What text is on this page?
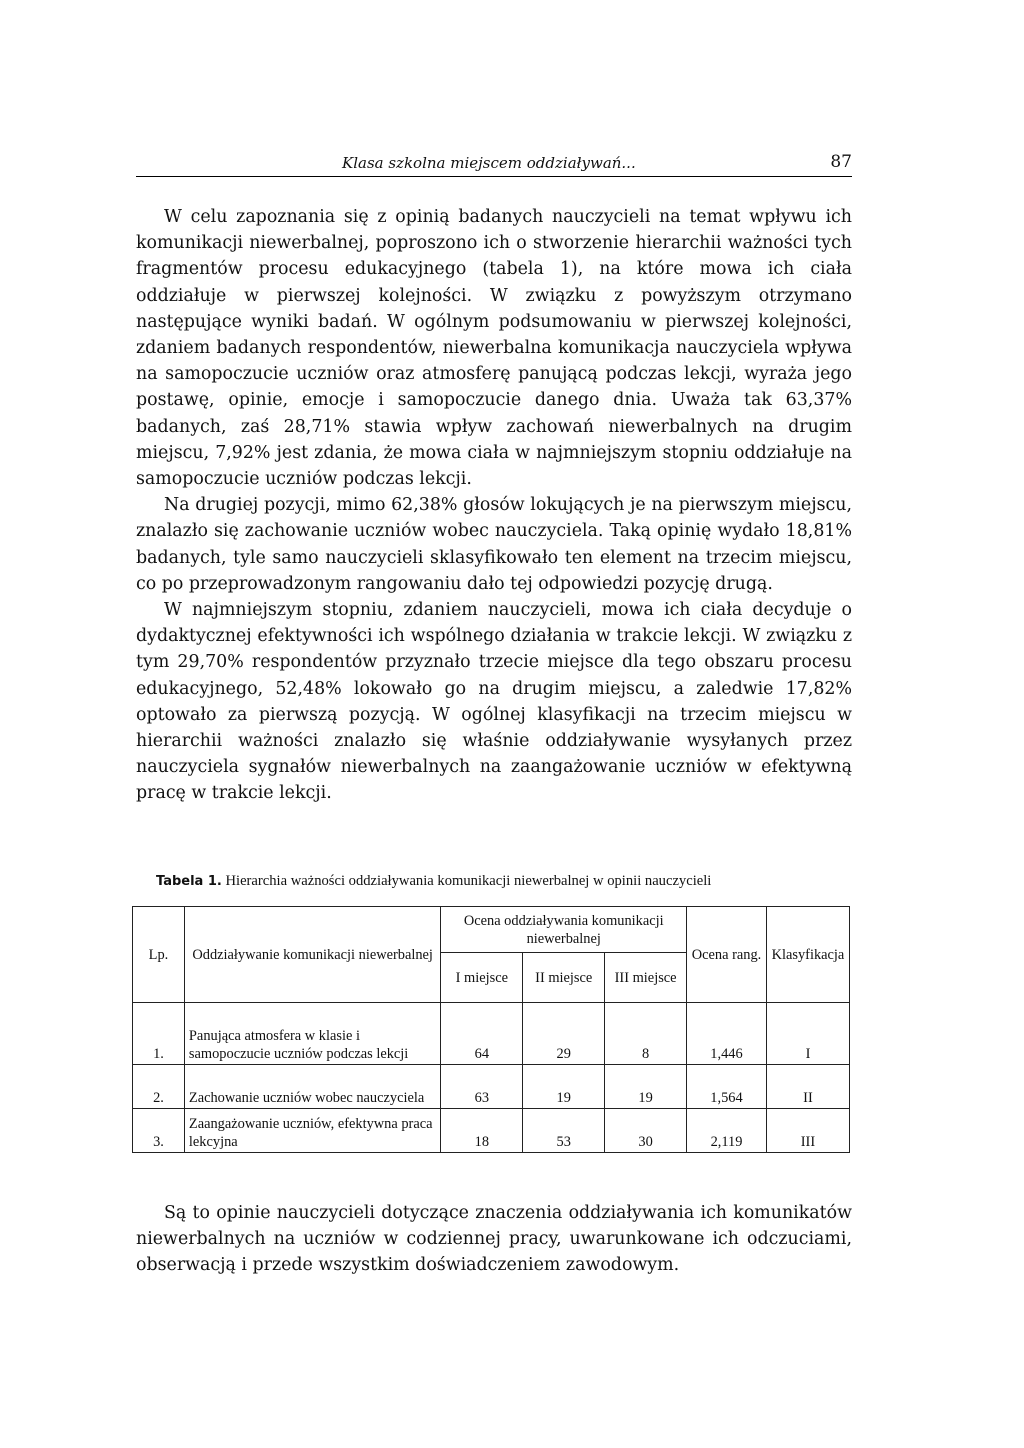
Klasa szkolna miejscem oddziaływań...	87

W celu zapoznania się z opinią badanych nauczycieli na temat wpływu ich komunikacji niewerbalnej, poproszono ich o stworzenie hierarchii ważności tych fragmentów procesu edukacyjnego (tabela 1), na które mowa ich ciała oddziałuje w pierwszej kolejności. W związku z powyższym otrzymano następujące wyniki badań. W ogólnym podsumowaniu w pierwszej kolejności, zdaniem badanych respondentów, niewerbalna komunikacja nauczyciela wpływa na samopoczucie uczniów oraz atmosferę panującą podczas lekcji, wyraża jego postawę, opinie, emocje i samopoczucie danego dnia. Uważa tak 63,37% badanych, zaś 28,71% stawia wpływ zachowań niewerbalnych na drugim miejscu, 7,92% jest zdania, że mowa ciała w najmniejszym stopniu oddziałuje na samopoczucie uczniów podczas lekcji.

Na drugiej pozycji, mimo 62,38% głosów lokujących je na pierwszym miejscu, znalazło się zachowanie uczniów wobec nauczyciela. Taką opinię wydało 18,81% badanych, tyle samo nauczycieli sklasyfikowało ten element na trzecim miejscu, co po przeprowadzonym rangowaniu dało tej odpowiedzi pozycję drugą.

W najmniejszym stopniu, zdaniem nauczycieli, mowa ich ciała decyduje o dydaktycznej efektywności ich wspólnego działania w trakcie lekcji. W związku z tym 29,70% respondentów przyznało trzecie miejsce dla tego obszaru procesu edukacyjnego, 52,48% lokowało go na drugim miejscu, a zaledwie 17,82% optowało za pierwszą pozycją. W ogólnej klasyfikacji na trzecim miejscu w hierarchii ważności znalazło się właśnie oddziaływanie wysyłanych przez nauczyciela sygnałów niewerbalnych na zaangażowanie uczniów w efektywną pracę w trakcie lekcji.

Tabela 1. Hierarchia ważności oddziaływania komunikacji niewerbalnej w opinii nauczycieli
Lp.	Oddziaływanie komunikacji niewerbalnej	Ocena oddziaływania komunikacji niewerbalnej			Ocena rang.	Klasyfikacja
		I miejsce	II miejsce	III miejsce		
1.	Panująca atmosfera w klasie i samopoczucie uczniów podczas lekcji	64	29	8	1,446	I
2.	Zachowanie uczniów wobec nauczyciela	63	19	19	1,564	II
3.	Zaangażowanie uczniów, efektywna praca lekcyjna	18	53	30	2,119	III

Są to opinie nauczycieli dotyczące znaczenia oddziaływania ich komunikatów niewerbalnych na uczniów w codziennej pracy, uwarunkowane ich odczuciami, obserwacją i przede wszystkim doświadczeniem zawodowym.
